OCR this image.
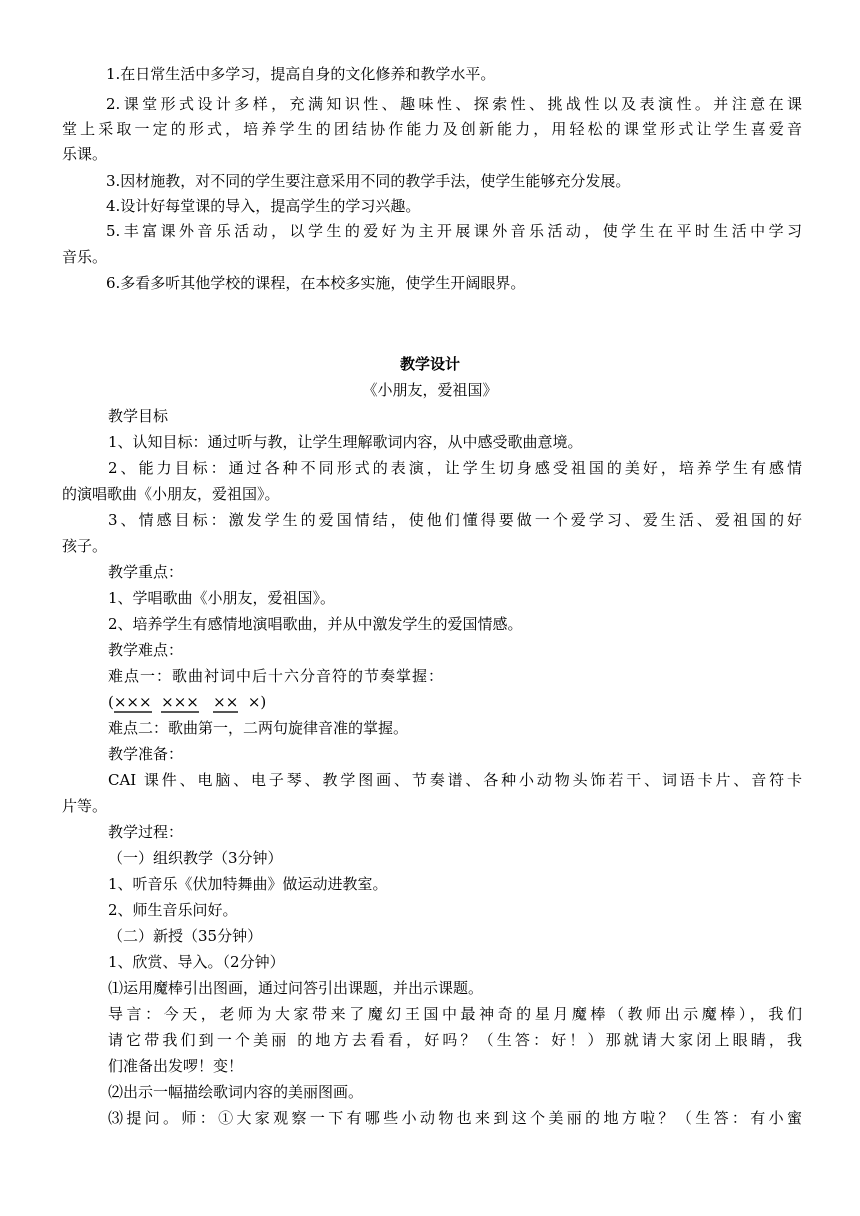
1.在日常生活中多学习，提高自身的文化修养和教学水平。
2.课堂形式设计多样，充满知识性、趣味性、探索性、挑战性以及表演性。并注意在课
堂上采取一定的形式，培养学生的团结协作能力及创新能力，用轻松的课堂形式让学生喜爱音
乐课。
3.因材施教，对不同的学生要注意采用不同的教学手法，使学生能够充分发展。
4.设计好每堂课的导入，提高学生的学习兴趣。
5.丰富课外音乐活动，以学生的爱好为主开展课外音乐活动，使学生在平时生活中学习
音乐。
6.多看多听其他学校的课程，在本校多实施，使学生开阔眼界。
教学设计
《小朋友，爱祖国》
教学目标
1、认知目标：通过听与教，让学生理解歌词内容，从中感受歌曲意境。
2、能力目标：通过各种不同形式的表演，让学生切身感受祖国的美好，培养学生有感情
的演唱歌曲《小朋友，爱祖国》。
3、情感目标：激发学生的爱国情结，使他们懂得要做一个爱学习、爱生活、爱祖国的好
孩子。
教学重点：
1、学唱歌曲《小朋友，爱祖国》。
2、培养学生有感情地演唱歌曲，并从中激发学生的爱国情感。
教学难点：
难点一：歌曲衬词中后十六分音符的节奏掌握：
(××× ××× ×× ×)
难点二：歌曲第一，二两句旋律音准的掌握。
教学准备：
CAI 课件、电脑、电子琴、教学图画、节奏谱、各种小动物头饰若干、词语卡片、音符卡
片等。
教学过程：
（一）组织教学（3分钟）
1、听音乐《伏加特舞曲》做运动进教室。
2、师生音乐问好。
（二）新授（35分钟）
1、欣赏、导入。（2分钟）
⑴运用魔棒引出图画，通过问答引出课题，并出示课题。
导言：今天，老师为大家带来了魔幻王国中最神奇的星月魔棒（教师出示魔棒），我们
请它带我们到一个美丽 的地方去看看，好吗？（生答：好！）那就请大家闭上眼睛，我
们准备出发啰！变！
⑵出示一幅描绘歌词内容的美丽图画。
⑶提问。师：①大家观察一下有哪些小动物也来到这个美丽的地方啦？（生答：有小蜜
